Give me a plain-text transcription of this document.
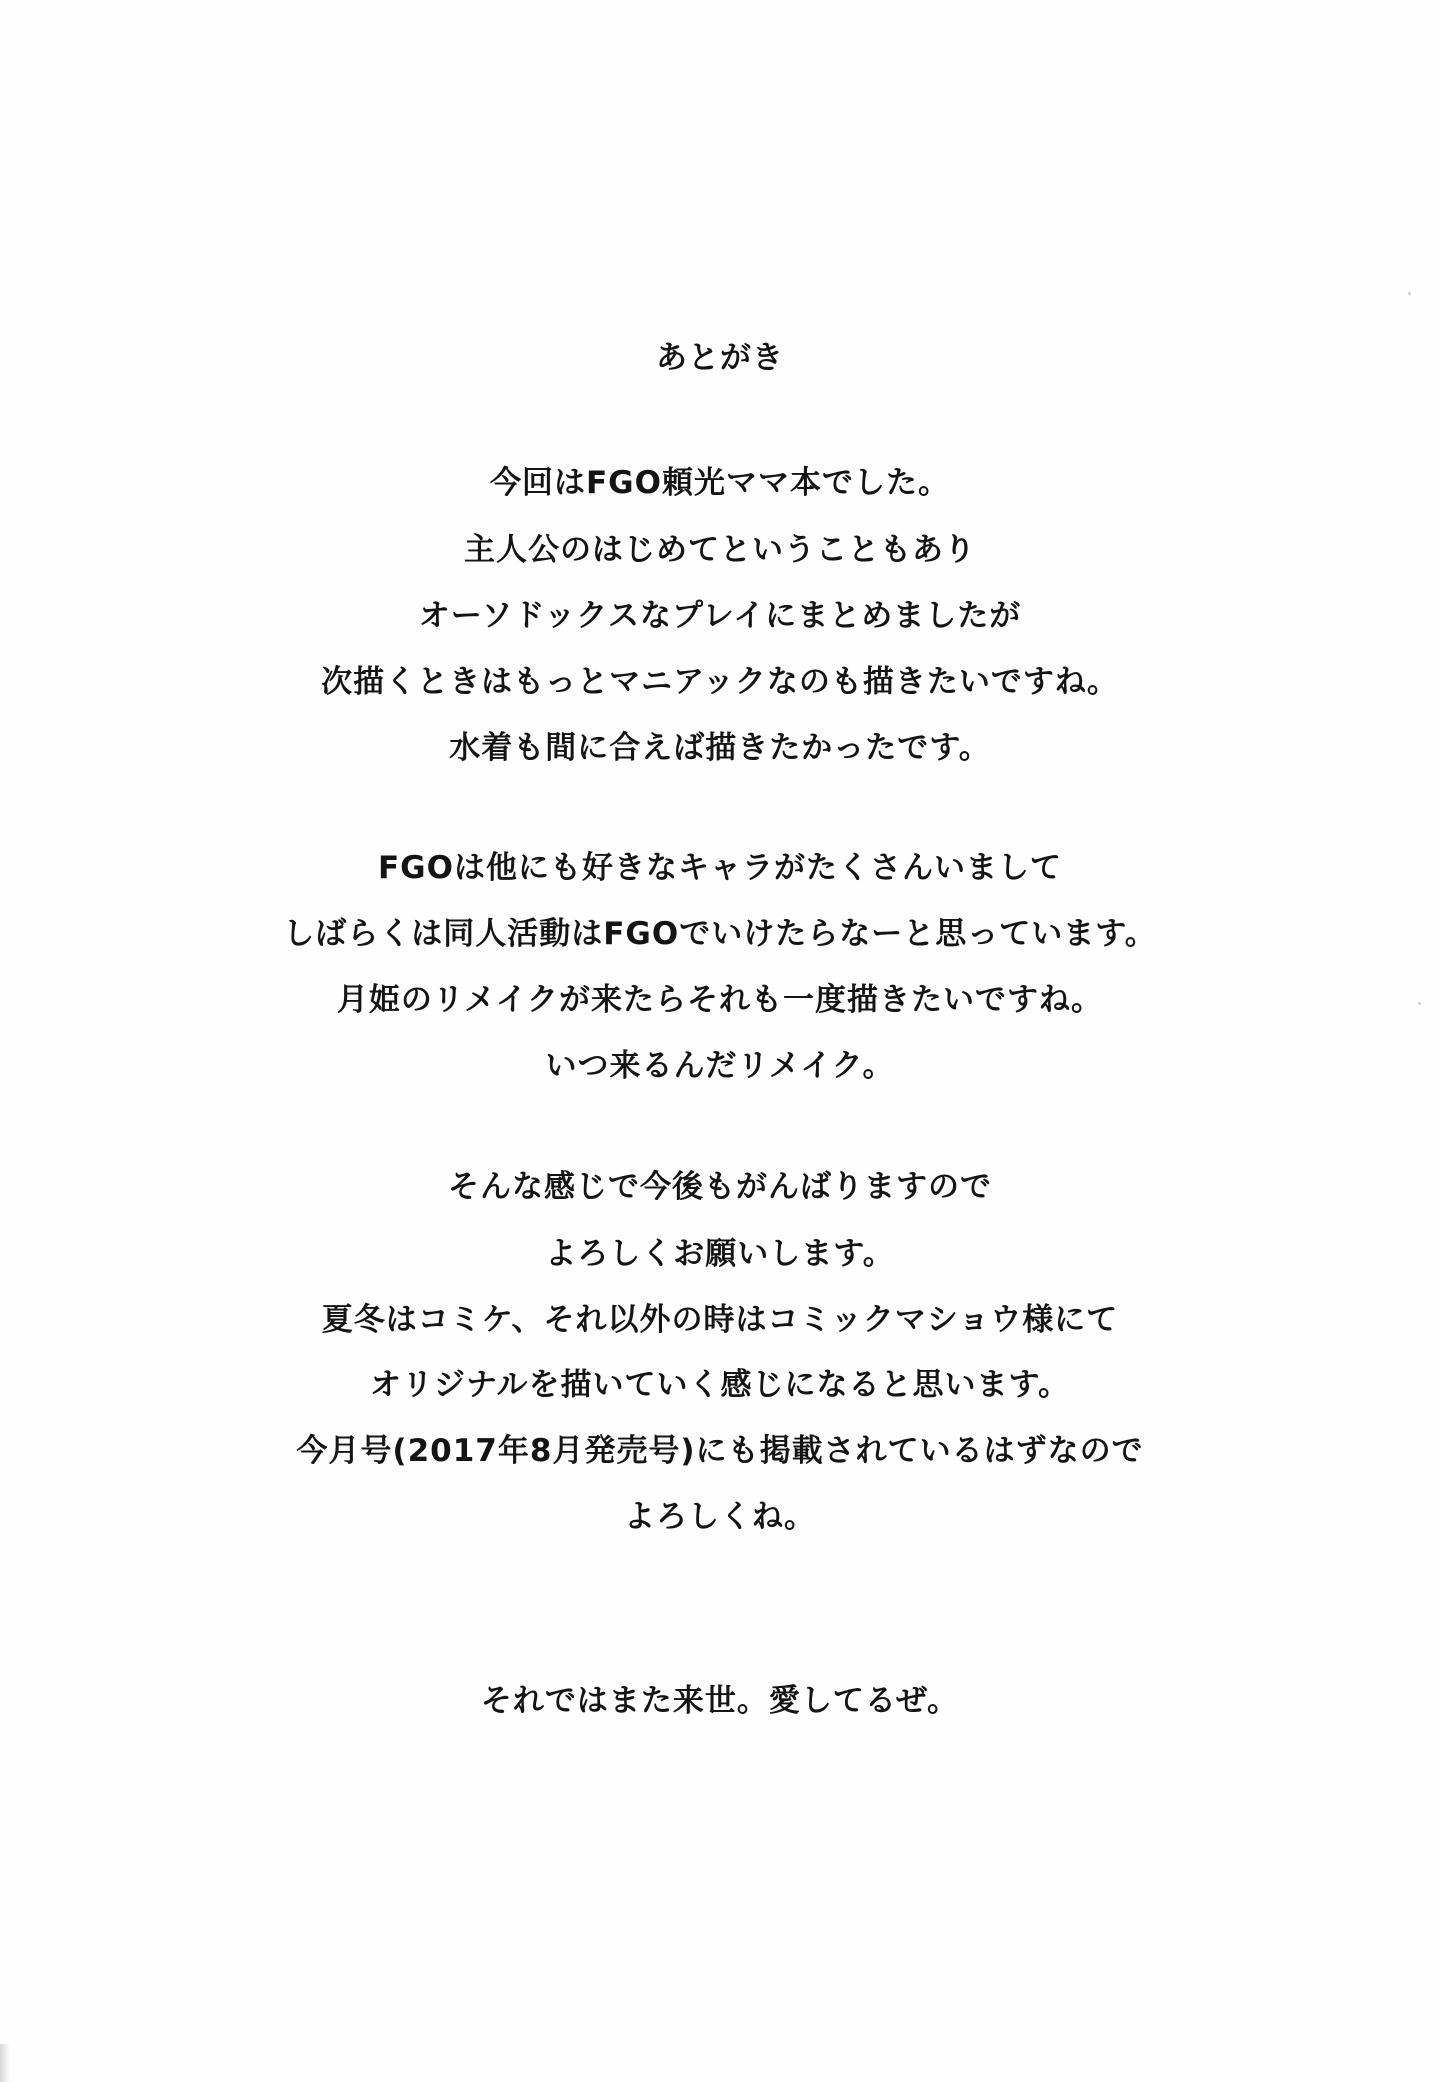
あとがき
今回はFGO頼光ママ本でした。
主人公のはじめてということもあり
オーソドックスなプレイにまとめましたが
次描くときはもっとマニアックなのも描きたいですね。
水着も間に合えば描きたかったです。
FGOは他にも好きなキャラがたくさんいまして
しばらくは同人活動はFGOでいけたらなーと思っています。
月姫のリメイクが来たらそれも一度描きたいですね。
いつ来るんだリメイク。
そんな感じで今後もがんばりますので
よろしくお願いします。
夏冬はコミケ、それ以外の時はコミックマショウ様にて
オリジナルを描いていく感じになると思います。
今月号(2017年8月発売号)にも掲載されているはずなので
よろしくね。
それではまた来世。愛してるぜ。
